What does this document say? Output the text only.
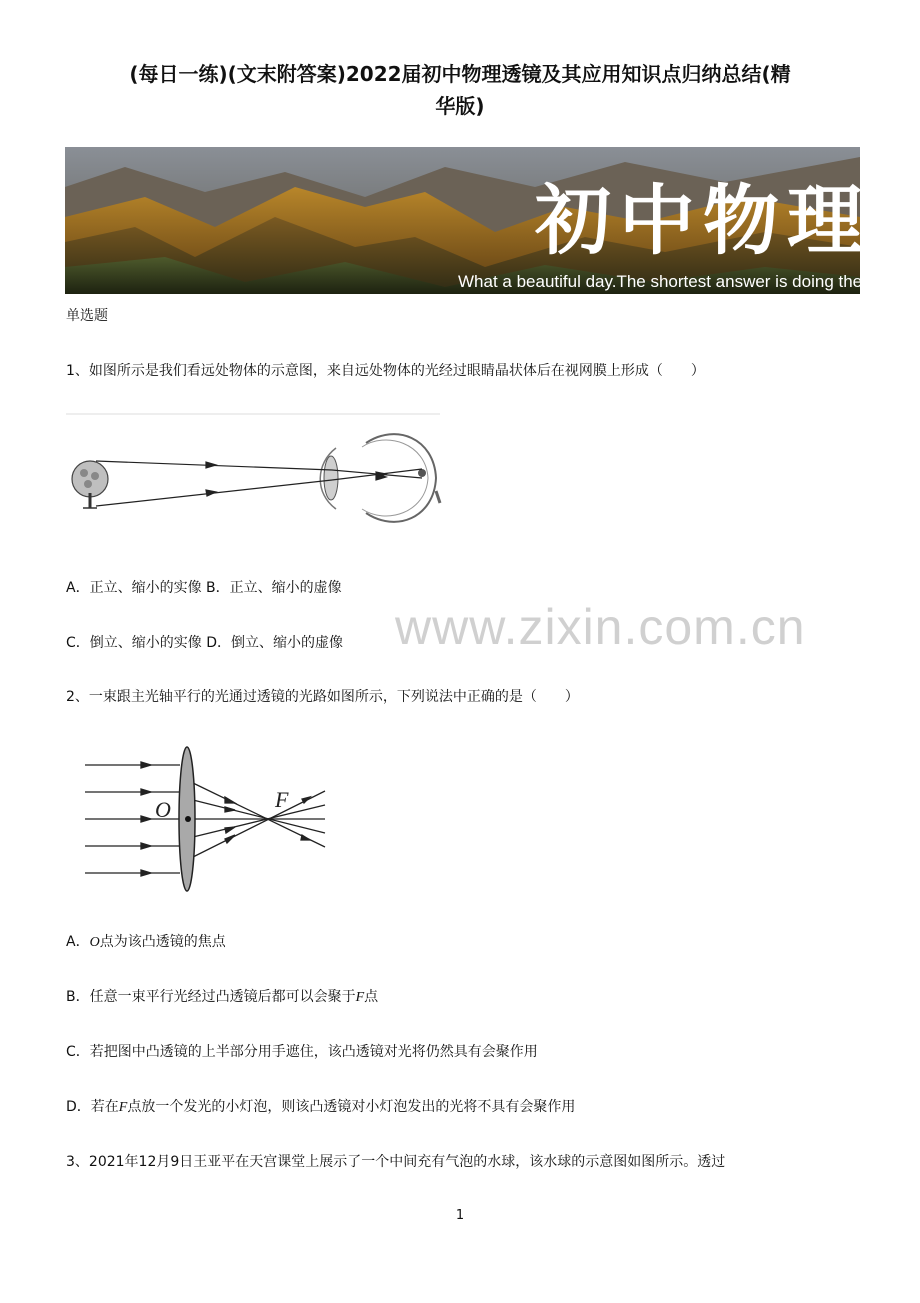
(每日一练)(文末附答案)2022届初中物理透镜及其应用知识点归纳总结(精
华版)
初中物理
What a beautiful day.The shortest answer is doing the thing.
单选题
1、如图所示是我们看远处物体的示意图，来自远处物体的光经过眼睛晶状体后在视网膜上形成（　　）
A．正立、缩小的实像 B．正立、缩小的虚像
C．倒立、缩小的实像 D．倒立、缩小的虚像 www.zixin.com.cn
2、一束跟主光轴平行的光通过透镜的光路如图所示，下列说法中正确的是（　　）
O	F
A．O点为该凸透镜的焦点
B．任意一束平行光经过凸透镜后都可以会聚于F点
C．若把图中凸透镜的上半部分用手遮住，该凸透镜对光将仍然具有会聚作用
D．若在F点放一个发光的小灯泡，则该凸透镜对小灯泡发出的光将不具有会聚作用
3、2021年12月9日王亚平在天宫课堂上展示了一个中间充有气泡的水球，该水球的示意图如图所示。透过
1
